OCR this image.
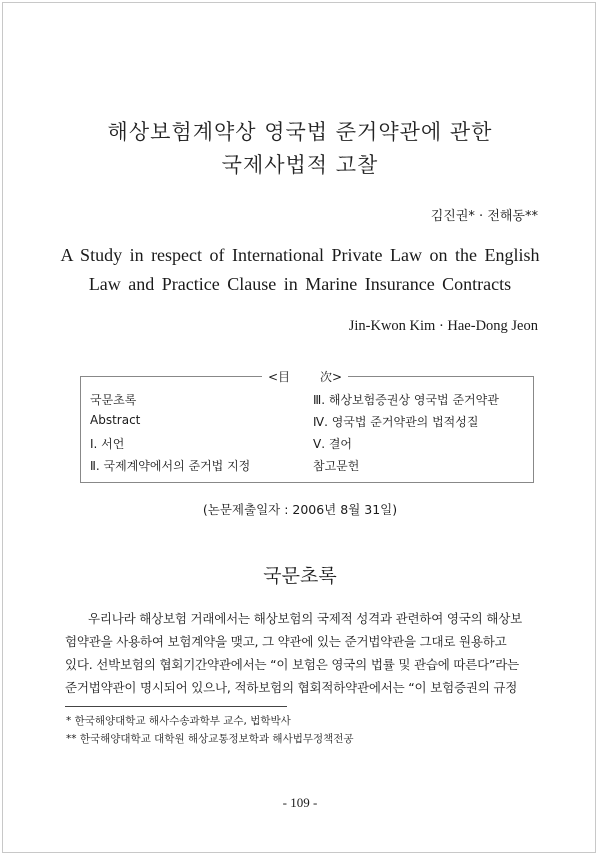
해상보험계약상 영국법 준거약관에 관한
국제사법적 고찰
김진권* · 전해동**
A Study in respect of International Private Law on the English
Law and Practice Clause in Marine Insurance Contracts
Jin-Kwon Kim · Hae-Dong Jeon
<目	次>
국문초록
Abstract
Ⅰ. 서언
Ⅱ. 국제계약에서의 준거법 지정
Ⅲ. 해상보험증권상 영국법 준거약관
Ⅳ. 영국법 준거약관의 법적성질
Ⅴ. 결어
참고문헌
(논문제출일자 : 2006년 8월 31일)
국문초록
우리나라 해상보험 거래에서는 해상보험의 국제적 성격과 관련하여 영국의 해상보
험약관을 사용하여 보험계약을 맺고, 그 약관에 있는 준거법약관을 그대로 원용하고
있다. 선박보험의 협회기간약관에서는 “이 보험은 영국의 법률 및 관습에 따른다”라는
준거법약관이 명시되어 있으나, 적하보험의 협회적하약관에서는 “이 보험증권의 규정
* 한국해양대학교 해사수송과학부 교수, 법학박사
** 한국해양대학교 대학원 해상교통정보학과 해사법무정책전공
- 109 -
